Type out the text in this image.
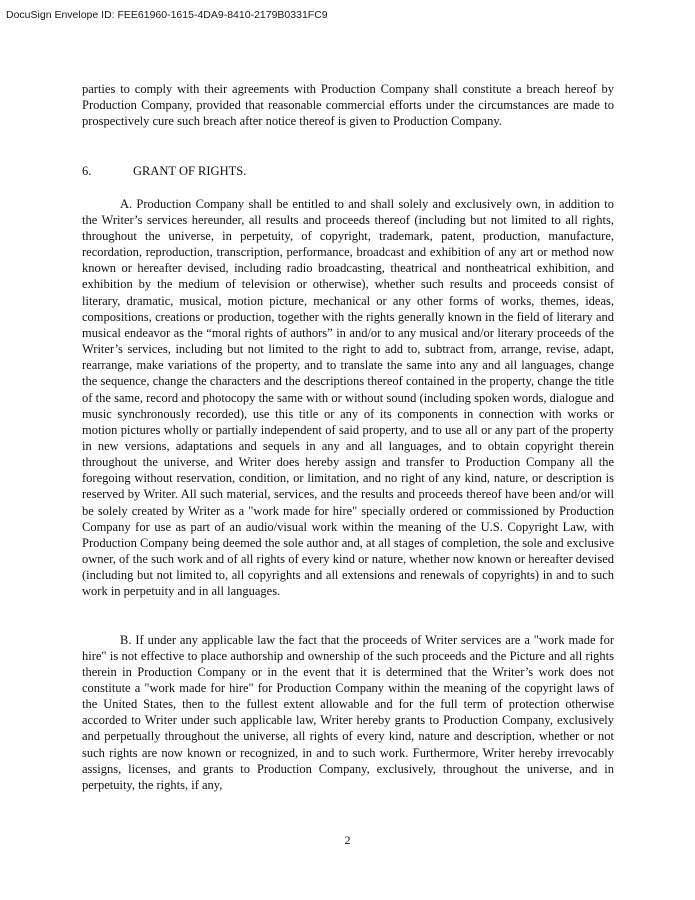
DocuSign Envelope ID: FEE61960-1615-4DA9-8410-2179B0331FC9

parties to comply with their agreements with Production Company shall constitute a breach hereof by Production Company, provided that reasonable commercial efforts under the circumstances are made to prospectively cure such breach after notice thereof is given to Production Company.

6.	GRANT OF RIGHTS.

A. Production Company shall be entitled to and shall solely and exclusively own, in addition to the Writer’s services hereunder, all results and proceeds thereof (including but not limited to all rights, throughout the universe, in perpetuity, of copyright, trademark, patent, production, manufacture, recordation, reproduction, transcription, performance, broadcast and exhibition of any art or method now known or hereafter devised, including radio broadcasting, theatrical and nontheatrical exhibition, and exhibition by the medium of television or otherwise), whether such results and proceeds consist of literary, dramatic, musical, motion picture, mechanical or any other forms of works, themes, ideas, compositions, creations or production, together with the rights generally known in the field of literary and musical endeavor as the “moral rights of authors” in and/or to any musical and/or literary proceeds of the Writer’s services, including but not limited to the right to add to, subtract from, arrange, revise, adapt, rearrange, make variations of the property, and to translate the same into any and all languages, change the sequence, change the characters and the descriptions thereof contained in the property, change the title of the same, record and photocopy the same with or without sound (including spoken words, dialogue and music synchronously recorded), use this title or any of its components in connection with works or motion pictures wholly or partially independent of said property, and to use all or any part of the property in new versions, adaptations and sequels in any and all languages, and to obtain copyright therein throughout the universe, and Writer does hereby assign and transfer to Production Company all the foregoing without reservation, condition, or limitation, and no right of any kind, nature, or description is reserved by Writer. All such material, services, and the results and proceeds thereof have been and/or will be solely created by Writer as a "work made for hire" specially ordered or commissioned by Production Company for use as part of an audio/visual work within the meaning of the U.S. Copyright Law, with Production Company being deemed the sole author and, at all stages of completion, the sole and exclusive owner, of the such work and of all rights of every kind or nature, whether now known or hereafter devised (including but not limited to, all copyrights and all extensions and renewals of copyrights) in and to such work in perpetuity and in all languages.

B. If under any applicable law the fact that the proceeds of Writer services are a "work made for hire" is not effective to place authorship and ownership of the such proceeds and the Picture and all rights therein in Production Company or in the event that it is determined that the Writer’s work does not constitute a "work made for hire" for Production Company within the meaning of the copyright laws of the United States, then to the fullest extent allowable and for the full term of protection otherwise accorded to Writer under such applicable law, Writer hereby grants to Production Company, exclusively and perpetually throughout the universe, all rights of every kind, nature and description, whether or not such rights are now known or recognized, in and to such work. Furthermore, Writer hereby irrevocably assigns, licenses, and grants to Production Company, exclusively, throughout the universe, and in perpetuity, the rights, if any,

2
